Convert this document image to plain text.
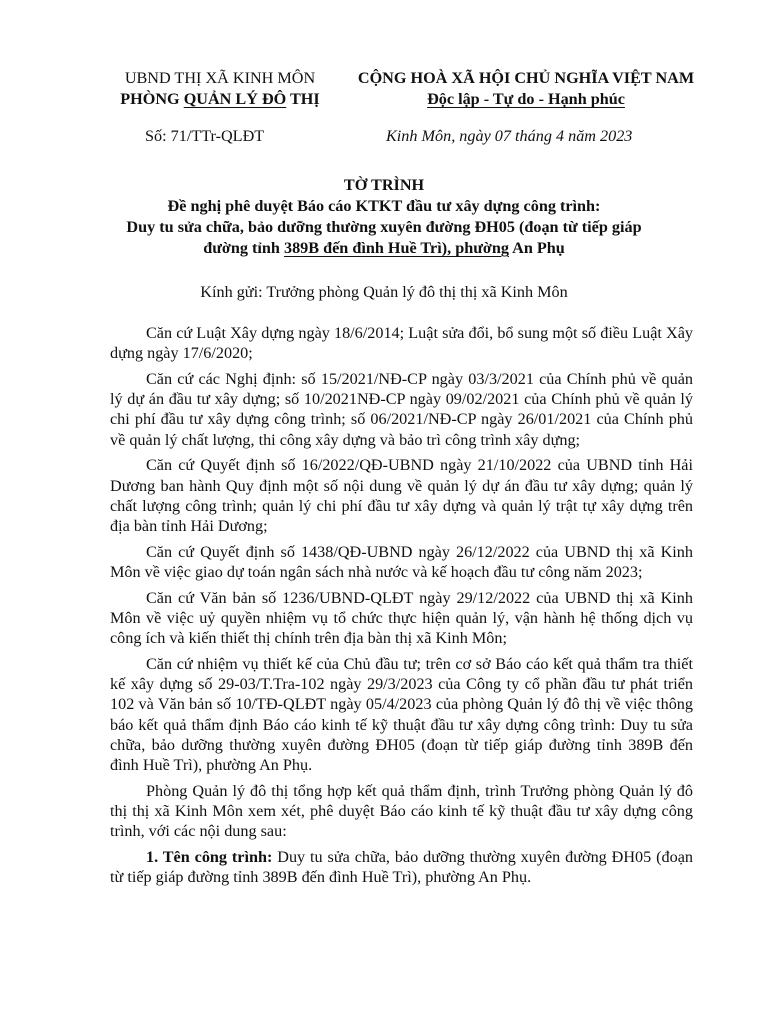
UBND THỊ XÃ KINH MÔN
PHÒNG QUẢN LÝ ĐÔ THỊ
CỘNG HOÀ XÃ HỘI CHỦ NGHĨA VIỆT NAM
Độc lập - Tự do - Hạnh phúc
Số: 71/TTr-QLĐT	Kinh Môn, ngày 07 tháng 4 năm 2023
TỜ TRÌNH
Đề nghị phê duyệt Báo cáo KTKT đầu tư xây dựng công trình:
Duy tu sửa chữa, bảo dưỡng thường xuyên đường ĐH05 (đoạn từ tiếp giáp
đường tỉnh 389B đến đình Huề Trì), phường An Phụ
Kính gửi: Trưởng phòng Quản lý đô thị thị xã Kinh Môn

Căn cứ Luật Xây dựng ngày 18/6/2014; Luật sửa đổi, bổ sung một số điều Luật Xây dựng ngày 17/6/2020;

Căn cứ các Nghị định: số 15/2021/NĐ-CP ngày 03/3/2021 của Chính phủ về quản lý dự án đầu tư xây dựng; số 10/2021NĐ-CP ngày 09/02/2021 của Chính phủ về quản lý chi phí đầu tư xây dựng công trình; số 06/2021/NĐ-CP ngày 26/01/2021 của Chính phủ về quản lý chất lượng, thi công xây dựng và bảo trì công trình xây dựng;

Căn cứ Quyết định số 16/2022/QĐ-UBND ngày 21/10/2022 của UBND tỉnh Hải Dương ban hành Quy định một số nội dung về quản lý dự án đầu tư xây dựng; quản lý chất lượng công trình; quản lý chi phí đầu tư xây dựng và quản lý trật tự xây dựng trên địa bàn tỉnh Hải Dương;

Căn cứ Quyết định số 1438/QĐ-UBND ngày 26/12/2022 của UBND thị xã Kinh Môn về việc giao dự toán ngân sách nhà nước và kế hoạch đầu tư công năm 2023;

Căn cứ Văn bản số 1236/UBND-QLĐT ngày 29/12/2022 của UBND thị xã Kinh Môn về việc uỷ quyền nhiệm vụ tổ chức thực hiện quản lý, vận hành hệ thống dịch vụ công ích và kiến thiết thị chính trên địa bàn thị xã Kinh Môn;

Căn cứ nhiệm vụ thiết kế của Chủ đầu tư; trên cơ sở Báo cáo kết quả thẩm tra thiết kế xây dựng số 29-03/T.Tra-102 ngày 29/3/2023 của Công ty cổ phần đầu tư phát triển 102 và Văn bản số 10/TĐ-QLĐT ngày 05/4/2023 của phòng Quản lý đô thị về việc thông báo kết quả thẩm định Báo cáo kinh tế kỹ thuật đầu tư xây dựng công trình: Duy tu sửa chữa, bảo dưỡng thường xuyên đường ĐH05 (đoạn từ tiếp giáp đường tỉnh 389B đến đình Huề Trì), phường An Phụ.

Phòng Quản lý đô thị tổng hợp kết quả thẩm định, trình Trưởng phòng Quản lý đô thị thị xã Kinh Môn xem xét, phê duyệt Báo cáo kinh tế kỹ thuật đầu tư xây dựng công trình, với các nội dung sau:

1. Tên công trình: Duy tu sửa chữa, bảo dưỡng thường xuyên đường ĐH05 (đoạn từ tiếp giáp đường tỉnh 389B đến đình Huề Trì), phường An Phụ.
